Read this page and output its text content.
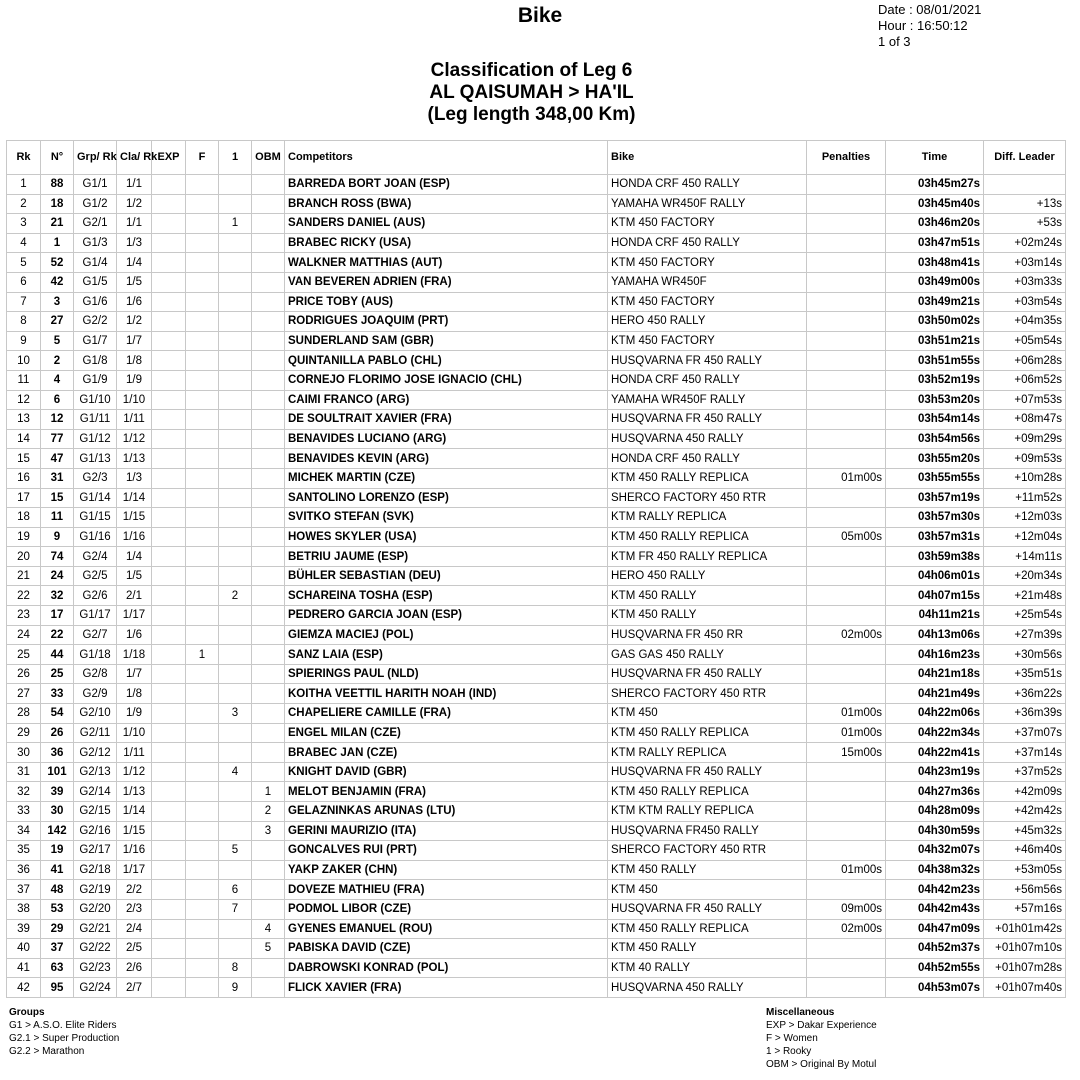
Bike	Date : 08/01/2021
Hour : 16:50:12
1 of 3
Classification of Leg 6
AL QAISUMAH > HA'IL
(Leg length 348,00 Km)
Rk	N°	Grp/ Rk	Cla/ Rk	EXP	F	1	OBM	Competitors	Bike	Penalties	Time	Diff. Leader
1	88	G1/1	1/1					BARREDA BORT JOAN (ESP)	HONDA CRF 450 RALLY		03h45m27s	
2	18	G1/2	1/2					BRANCH ROSS (BWA)	YAMAHA WR450F RALLY		03h45m40s	+13s
3	21	G2/1	1/1			1		SANDERS DANIEL (AUS)	KTM 450 FACTORY		03h46m20s	+53s
4	1	G1/3	1/3					BRABEC RICKY (USA)	HONDA CRF 450 RALLY		03h47m51s	+02m24s
5	52	G1/4	1/4					WALKNER MATTHIAS (AUT)	KTM 450 FACTORY		03h48m41s	+03m14s
6	42	G1/5	1/5					VAN BEVEREN ADRIEN (FRA)	YAMAHA WR450F		03h49m00s	+03m33s
7	3	G1/6	1/6					PRICE TOBY (AUS)	KTM 450 FACTORY		03h49m21s	+03m54s
8	27	G2/2	1/2					RODRIGUES JOAQUIM (PRT)	HERO 450 RALLY		03h50m02s	+04m35s
9	5	G1/7	1/7					SUNDERLAND SAM (GBR)	KTM 450 FACTORY		03h51m21s	+05m54s
10	2	G1/8	1/8					QUINTANILLA PABLO (CHL)	HUSQVARNA FR 450 RALLY		03h51m55s	+06m28s
11	4	G1/9	1/9					CORNEJO FLORIMO JOSE IGNACIO (CHL)	HONDA CRF 450 RALLY		03h52m19s	+06m52s
12	6	G1/10	1/10					CAIMI FRANCO (ARG)	YAMAHA WR450F RALLY		03h53m20s	+07m53s
13	12	G1/11	1/11					DE SOULTRAIT XAVIER (FRA)	HUSQVARNA FR 450 RALLY		03h54m14s	+08m47s
14	77	G1/12	1/12					BENAVIDES LUCIANO (ARG)	HUSQVARNA 450 RALLY		03h54m56s	+09m29s
15	47	G1/13	1/13					BENAVIDES KEVIN (ARG)	HONDA CRF 450 RALLY		03h55m20s	+09m53s
16	31	G2/3	1/3					MICHEK MARTIN (CZE)	KTM 450 RALLY REPLICA	01m00s	03h55m55s	+10m28s
17	15	G1/14	1/14					SANTOLINO LORENZO (ESP)	SHERCO FACTORY 450 RTR		03h57m19s	+11m52s
18	11	G1/15	1/15					SVITKO STEFAN (SVK)	KTM RALLY REPLICA		03h57m30s	+12m03s
19	9	G1/16	1/16					HOWES SKYLER (USA)	KTM 450 RALLY REPLICA	05m00s	03h57m31s	+12m04s
20	74	G2/4	1/4					BETRIU JAUME (ESP)	KTM FR 450 RALLY REPLICA		03h59m38s	+14m11s
21	24	G2/5	1/5					BÜHLER SEBASTIAN (DEU)	HERO 450 RALLY		04h06m01s	+20m34s
22	32	G2/6	2/1			2		SCHAREINA TOSHA (ESP)	KTM 450 RALLY		04h07m15s	+21m48s
23	17	G1/17	1/17					PEDRERO GARCIA JOAN (ESP)	KTM 450 RALLY		04h11m21s	+25m54s
24	22	G2/7	1/6					GIEMZA MACIEJ (POL)	HUSQVARNA FR 450 RR	02m00s	04h13m06s	+27m39s
25	44	G1/18	1/18		1			SANZ LAIA (ESP)	GAS GAS 450 RALLY		04h16m23s	+30m56s
26	25	G2/8	1/7					SPIERINGS PAUL (NLD)	HUSQVARNA FR 450 RALLY		04h21m18s	+35m51s
27	33	G2/9	1/8					KOITHA VEETTIL HARITH NOAH (IND)	SHERCO FACTORY 450 RTR		04h21m49s	+36m22s
28	54	G2/10	1/9			3		CHAPELIERE CAMILLE (FRA)	KTM 450	01m00s	04h22m06s	+36m39s
29	26	G2/11	1/10					ENGEL MILAN (CZE)	KTM 450 RALLY REPLICA	01m00s	04h22m34s	+37m07s
30	36	G2/12	1/11					BRABEC JAN (CZE)	KTM RALLY REPLICA	15m00s	04h22m41s	+37m14s
31	101	G2/13	1/12			4		KNIGHT DAVID (GBR)	HUSQVARNA FR 450 RALLY		04h23m19s	+37m52s
32	39	G2/14	1/13				1	MELOT BENJAMIN (FRA)	KTM 450 RALLY REPLICA		04h27m36s	+42m09s
33	30	G2/15	1/14				2	GELAZNINKAS ARUNAS (LTU)	KTM KTM RALLY REPLICA		04h28m09s	+42m42s
34	142	G2/16	1/15				3	GERINI MAURIZIO (ITA)	HUSQVARNA FR450 RALLY		04h30m59s	+45m32s
35	19	G2/17	1/16			5		GONCALVES RUI (PRT)	SHERCO FACTORY 450 RTR		04h32m07s	+46m40s
36	41	G2/18	1/17					YAKP ZAKER (CHN)	KTM 450 RALLY	01m00s	04h38m32s	+53m05s
37	48	G2/19	2/2			6		DOVEZE MATHIEU (FRA)	KTM 450		04h42m23s	+56m56s
38	53	G2/20	2/3			7		PODMOL LIBOR (CZE)	HUSQVARNA FR 450 RALLY	09m00s	04h42m43s	+57m16s
39	29	G2/21	2/4				4	GYENES EMANUEL (ROU)	KTM 450 RALLY REPLICA	02m00s	04h47m09s	+01h01m42s
40	37	G2/22	2/5				5	PABISKA DAVID (CZE)	KTM 450 RALLY		04h52m37s	+01h07m10s
41	63	G2/23	2/6			8		DABROWSKI KONRAD (POL)	KTM 40 RALLY		04h52m55s	+01h07m28s
42	95	G2/24	2/7			9		FLICK XAVIER (FRA)	HUSQVARNA 450 RALLY		04h53m07s	+01h07m40s
Groups
G1 > A.S.O. Elite Riders
G2.1 > Super Production
G2.2 > Marathon
Miscellaneous
EXP > Dakar Experience
F > Women
1 > Rooky
OBM > Original By Motul
